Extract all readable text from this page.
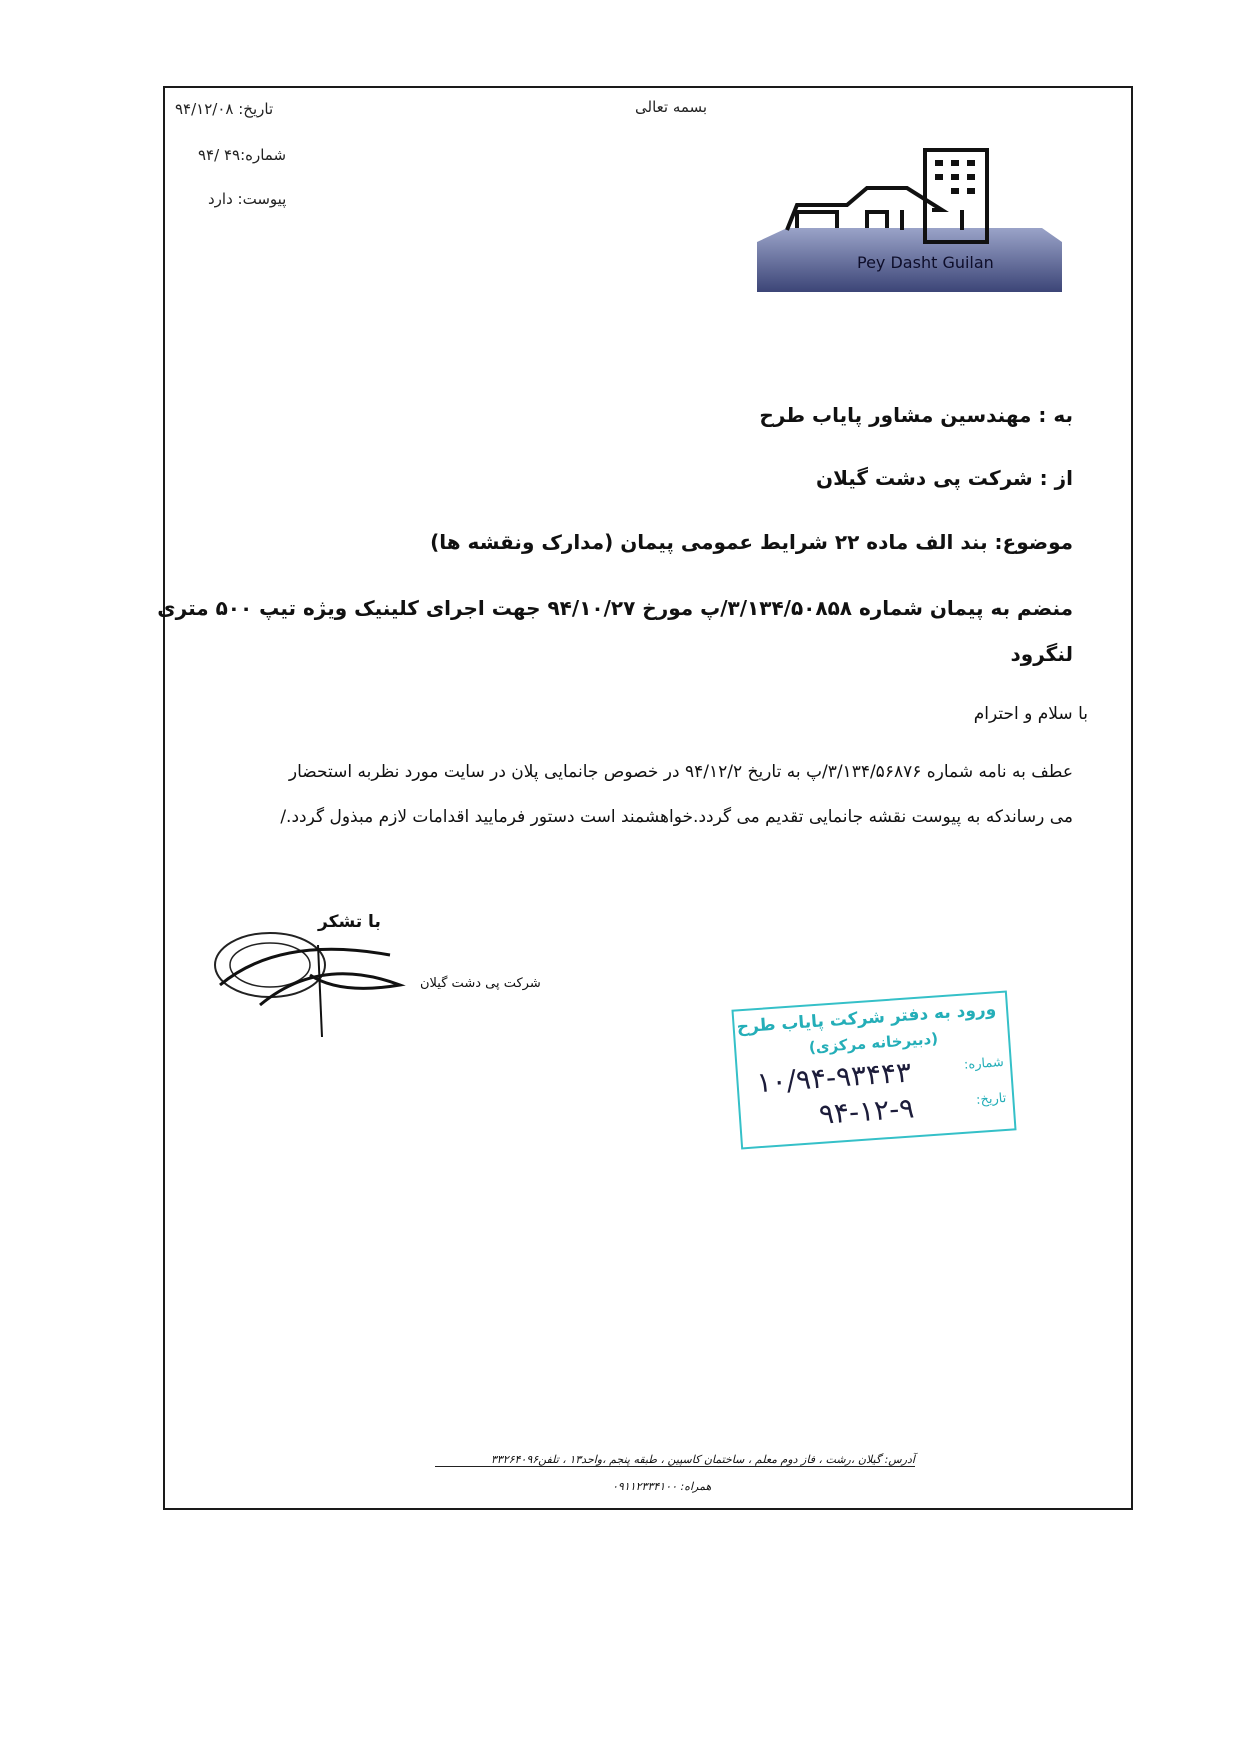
بسمه تعالی
تاریخ: ۹۴/۱۲/۰۸
شماره:۴۹ /۹۴
پیوست: دارد
Pey Dasht Guilan
به : مهندسین مشاور پایاب طرح
از : شرکت پی دشت گیلان
موضوع: بند الف ماده ۲۲ شرایط عمومی پیمان (مدارک ونقشه ها)
منضم به پیمان شماره ۳/۱۳۴/۵۰۸۵۸/پ مورخ ۹۴/۱۰/۲۷ جهت اجرای کلینیک ویژه تیپ ۵۰۰ متری
لنگرود
با سلام و احترام
عطف به نامه شماره ۳/۱۳۴/۵۶۸۷۶/پ به تاریخ ۹۴/۱۲/۲ در خصوص جانمایی پلان در سایت مورد نظربه استحضار
می رساندکه به پیوست نقشه جانمایی تقدیم می گردد.خواهشمند است دستور فرمایید اقدامات لازم مبذول گردد./
با تشکر
شرکت پی دشت گیلان
ورود به دفتر شرکت پایاب طرح
(دبیرخانه مرکزی)
شماره:
تاریخ:
۱۰/۹۴-۹۳۴۴۳
۹۴-۱۲-۹
آدرس: گیلان ،رشت ، فاز دوم معلم ، ساختمان کاسپین ، طبقه پنجم ،واحد۱۳ ، تلفن۳۳۲۶۴۰۹۶
همراه: ۰۹۱۱۲۳۳۴۱۰۰
